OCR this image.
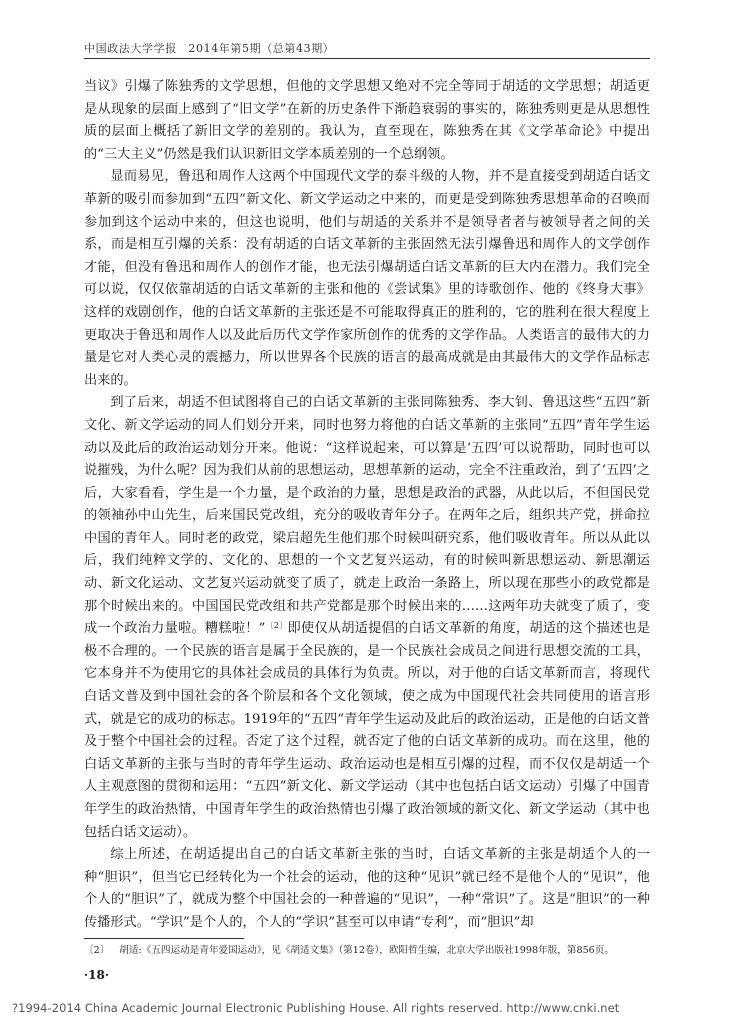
中国政法大学学报　2014年第5期（总第43期）

当议》引爆了陈独秀的文学思想，但他的文学思想又绝对不完全等同于胡适的文学思想；胡适更是从现象的层面上感到了“旧文学”在新的历史条件下渐趋衰弱的事实的，陈独秀则更是从思想性质的层面上概括了新旧文学的差别的。我认为，直至现在，陈独秀在其《文学革命论》中提出的“三大主义”仍然是我们认识新旧文学本质差别的一个总纲领。

显而易见，鲁迅和周作人这两个中国现代文学的泰斗级的人物，并不是直接受到胡适白话文革新的吸引而参加到“五四”新文化、新文学运动之中来的，而更是受到陈独秀思想革命的召唤而参加到这个运动中来的，但这也说明，他们与胡适的关系并不是领导者者与被领导者之间的关系，而是相互引爆的关系：没有胡适的白话文革新的主张固然无法引爆鲁迅和周作人的文学创作才能，但没有鲁迅和周作人的创作才能，也无法引爆胡适白话文革新的巨大内在潜力。我们完全可以说，仅仅依靠胡适的白话文革新的主张和他的《尝试集》里的诗歌创作、他的《终身大事》这样的戏剧创作，他的白话文革新的主张还是不可能取得真正的胜利的，它的胜利在很大程度上更取决于鲁迅和周作人以及此后历代文学作家所创作的优秀的文学作品。人类语言的最伟大的力量是它对人类心灵的震撼力，所以世界各个民族的语言的最高成就是由其最伟大的文学作品标志出来的。

到了后来，胡适不但试图将自己的白话文革新的主张同陈独秀、李大钊、鲁迅这些“五四”新文化、新文学运动的同人们划分开来，同时也努力将他的白话文革新的主张同“五四”青年学生运动以及此后的政治运动划分开来。他说：“这样说起来，可以算是‘五四’可以说帮助，同时也可以说摧残，为什么呢？因为我们从前的思想运动，思想革新的运动，完全不注重政治，到了‘五四’之后，大家看看，学生是一个力量，是个政治的力量，思想是政治的武器，从此以后，不但国民党的领袖孙中山先生，后来国民党改组，充分的吸收青年分子。在两年之后，组织共产党，拼命拉中国的青年人。同时老的政党，梁启超先生他们那个时候叫研究系，他们吸收青年。所以从此以后，我们纯粹文学的、文化的、思想的一个文艺复兴运动，有的时候叫新思想运动、新思潮运动、新文化运动、文艺复兴运动就变了质了，就走上政治一条路上，所以现在那些小的政党都是那个时候出来的。中国国民党改组和共产党都是那个时候出来的……这两年功夫就变了质了，变成一个政治力量啦。糟糕啦！”$^{〔2〕}$即使仅从胡适提倡的白话文革新的角度，胡适的这个描述也是极不合理的。一个民族的语言是属于全民族的，是一个民族社会成员之间进行思想交流的工具，它本身并不为使用它的具体社会成员的具体行为负责。所以，对于他的白话文革新而言，将现代白话文普及到中国社会的各个阶层和各个文化领域，使之成为中国现代社会共同使用的语言形式，就是它的成功的标志。1919年的“五四”青年学生运动及此后的政治运动，正是他的白话文普及于整个中国社会的过程。否定了这个过程，就否定了他的白话文革新的成功。而在这里，他的白话文革新的主张与当时的青年学生运动、政治运动也是相互引爆的过程，而不仅仅是胡适一个人主观意图的贯彻和运用：“五四”新文化、新文学运动（其中也包括白话文运动）引爆了中国青年学生的政治热情，中国青年学生的政治热情也引爆了政治领域的新文化、新文学运动（其中也包括白话文运动）。

综上所述，在胡适提出自己的白话文革新主张的当时，白话文革新的主张是胡适个人的一种“胆识”，但当它已经转化为一个社会的运动，他的这种“见识”就已经不是他个人的“见识”，他个人的“胆识”了，就成为整个中国社会的一种普遍的“见识”，一种“常识”了。这是“胆识”的一种传播形式。“学识”是个人的，个人的“学识”甚至可以申请“专利”，而“胆识”却

〔2〕 胡适:《五四运动是青年爱国运动》，见《胡适文集》（第12卷），欧阳哲生编，北京大学出版社1998年版，第856页。
·18·
?1994-2014 China Academic Journal Electronic Publishing House. All rights reserved. http://www.cnki.net
